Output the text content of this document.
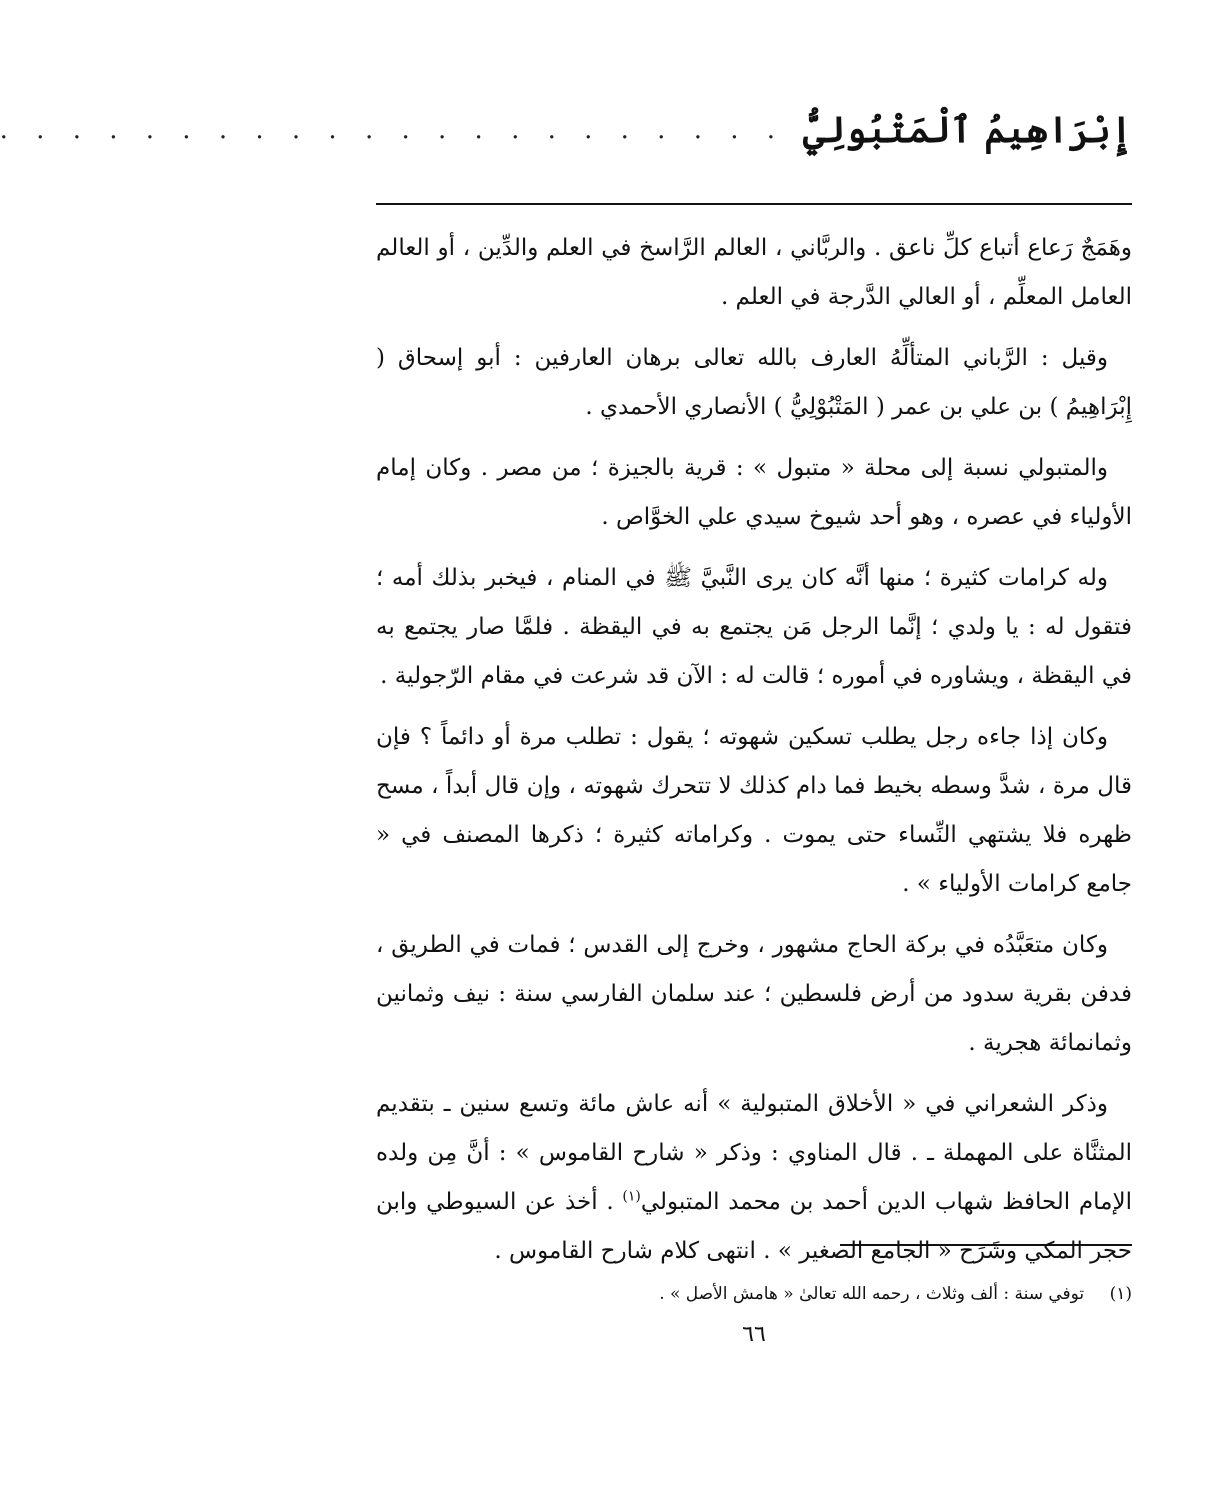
إِبْرَاهِيمُ ٱلْمَتْبُولِيُّ
. . . . . . . . . . . . . . . . . . . . . .

وهَمَجٌ رَعاع أتباع كلِّ ناعق . والربَّاني ، العالم الرَّاسخ في العلم والدِّين ، أو العالم العامل المعلِّم ، أو العالي الدَّرجة في العلم .

وقيل : الرَّباني المتألِّهُ العارف بالله تعالى برهان العارفين : أبو إسحاق ( إِبْرَاهِيمُ ) بن علي بن عمر ( المَتْبُوْلِيُّ ) الأنصاري الأحمدي .

والمتبولي نسبة إلى محلة « متبول » : قرية بالجيزة ؛ من مصر . وكان إمام الأولياء في عصره ، وهو أحد شيوخ سيدي علي الخوَّاص .

وله كرامات كثيرة ؛ منها أنَّه كان يرى النَّبيَّ ﷺ في المنام ، فيخبر بذلك أمه ؛ فتقول له : يا ولدي ؛ إنَّما الرجل مَن يجتمع به في اليقظة . فلمَّا صار يجتمع به في اليقظة ، ويشاوره في أموره ؛ قالت له : الآن قد شرعت في مقام الرّجولية .

وكان إذا جاءه رجل يطلب تسكين شهوته ؛ يقول : تطلب مرة أو دائماً ؟ فإن قال مرة ، شدَّ وسطه بخيط فما دام كذلك لا تتحرك شهوته ، وإن قال أبداً ، مسح ظهره فلا يشتهي النِّساء حتى يموت . وكراماته كثيرة ؛ ذكرها المصنف في « جامع كرامات الأولياء » .

وكان متعَبَّدُه في بركة الحاج مشهور ، وخرج إلى القدس ؛ فمات في الطريق ، فدفن بقرية سدود من أرض فلسطين ؛ عند سلمان الفارسي سنة : نيف وثمانين وثمانمائة هجرية .

وذكر الشعراني في « الأخلاق المتبولية » أنه عاش مائة وتسع سنين ـ بتقديم المثنَّاة على المهملة ـ . قال المناوي : وذكر « شارح القاموس » : أنَّ مِن ولده الإمام الحافظ شهاب الدين أحمد بن محمد المتبولي$^{(١)}$ . أخذ عن السيوطي وابن حجر المكي وشَرَح « الجامع الصغير » . انتهى كلام شارح القاموس .

(١) توفي سنة : ألف وثلاث ، رحمه الله تعالىٰ « هامش الأصل » .
٦٦
